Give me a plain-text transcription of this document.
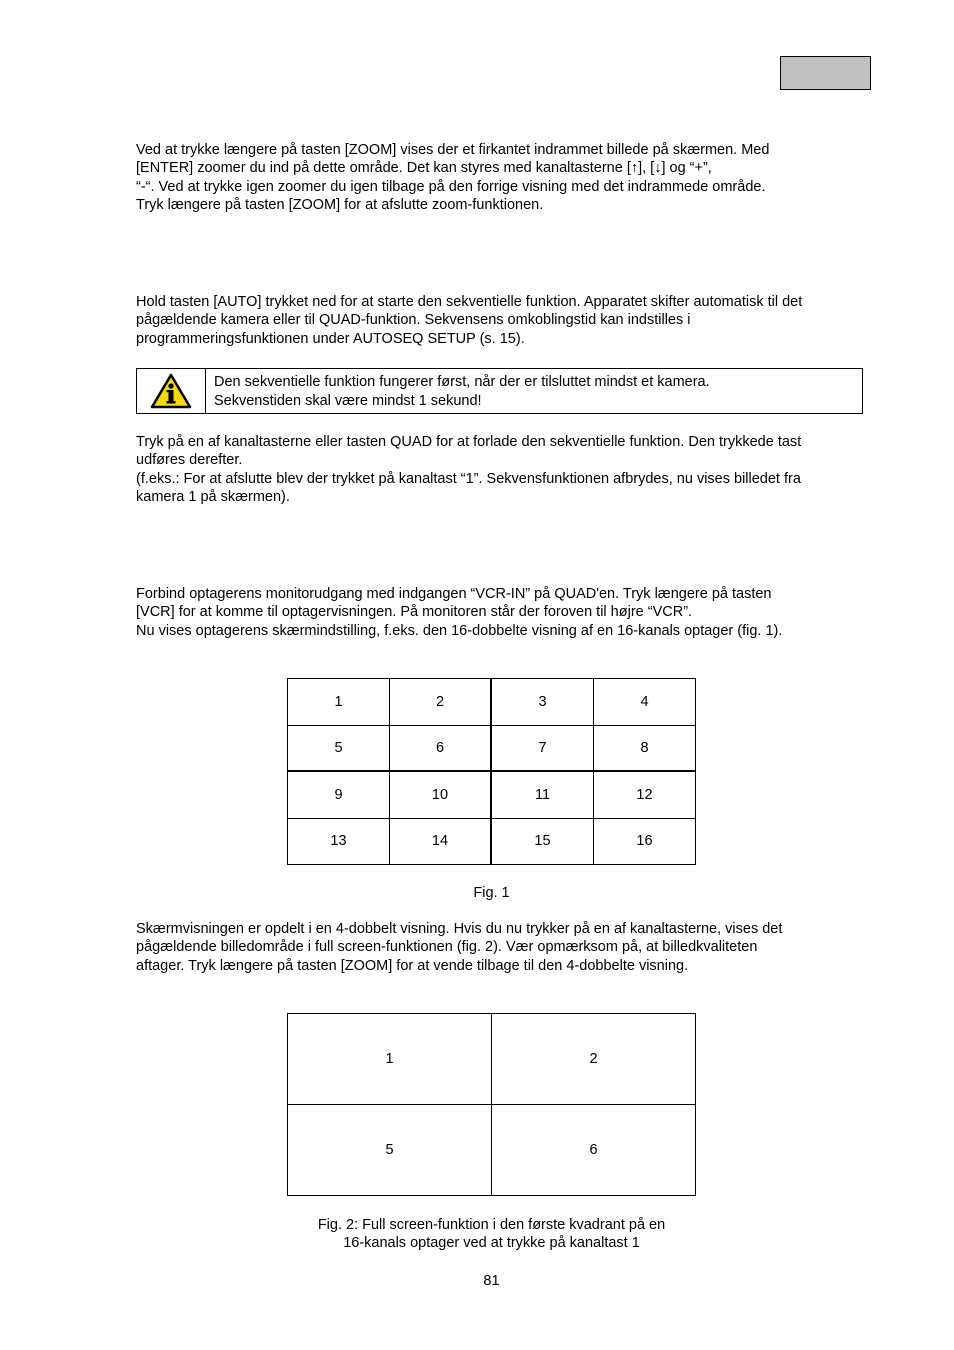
Ved at trykke længere på tasten [ZOOM] vises der et firkantet indrammet billede på skærmen. Med
[ENTER] zoomer du ind på dette område. Det kan styres med kanaltasterne [↑], [↓] og “+”,
“-“. Ved at trykke igen zoomer du igen tilbage på den forrige visning med det indrammede område.
Tryk længere på tasten [ZOOM] for at afslutte zoom-funktionen.

Hold tasten [AUTO] trykket ned for at starte den sekventielle funktion. Apparatet skifter automatisk til det
pågældende kamera eller til QUAD-funktion. Sekvensens omkoblingstid kan indstilles i
programmeringsfunktionen under AUTOSEQ SETUP (s. 15).

Den sekventielle funktion fungerer først, når der er tilsluttet mindst et kamera.
Sekvenstiden skal være mindst 1 sekund!

Tryk på en af kanaltasterne eller tasten QUAD for at forlade den sekventielle funktion. Den trykkede tast
udføres derefter.
(f.eks.: For at afslutte blev der trykket på kanaltast “1”. Sekvensfunktionen afbrydes, nu vises billedet fra
kamera 1 på skærmen).

Forbind optagerens monitorudgang med indgangen “VCR-IN” på QUAD'en. Tryk længere på tasten
[VCR] for at komme til optagervisningen. På monitoren står der foroven til højre “VCR”.
Nu vises optagerens skærmindstilling, f.eks. den 16-dobbelte visning af en 16-kanals optager (fig. 1).

1	2	3	4
5	6	7	8
9	10	11	12
13	14	15	16
Fig. 1

Skærmvisningen er opdelt i en 4-dobbelt visning. Hvis du nu trykker på en af kanaltasterne, vises det
pågældende billedområde i full screen-funktionen (fig. 2). Vær opmærksom på, at billedkvaliteten
aftager. Tryk længere på tasten [ZOOM] for at vende tilbage til den 4-dobbelte visning.

1	2
5	6
Fig. 2: Full screen-funktion i den første kvadrant på en
16-kanals optager ved at trykke på kanaltast 1
81
